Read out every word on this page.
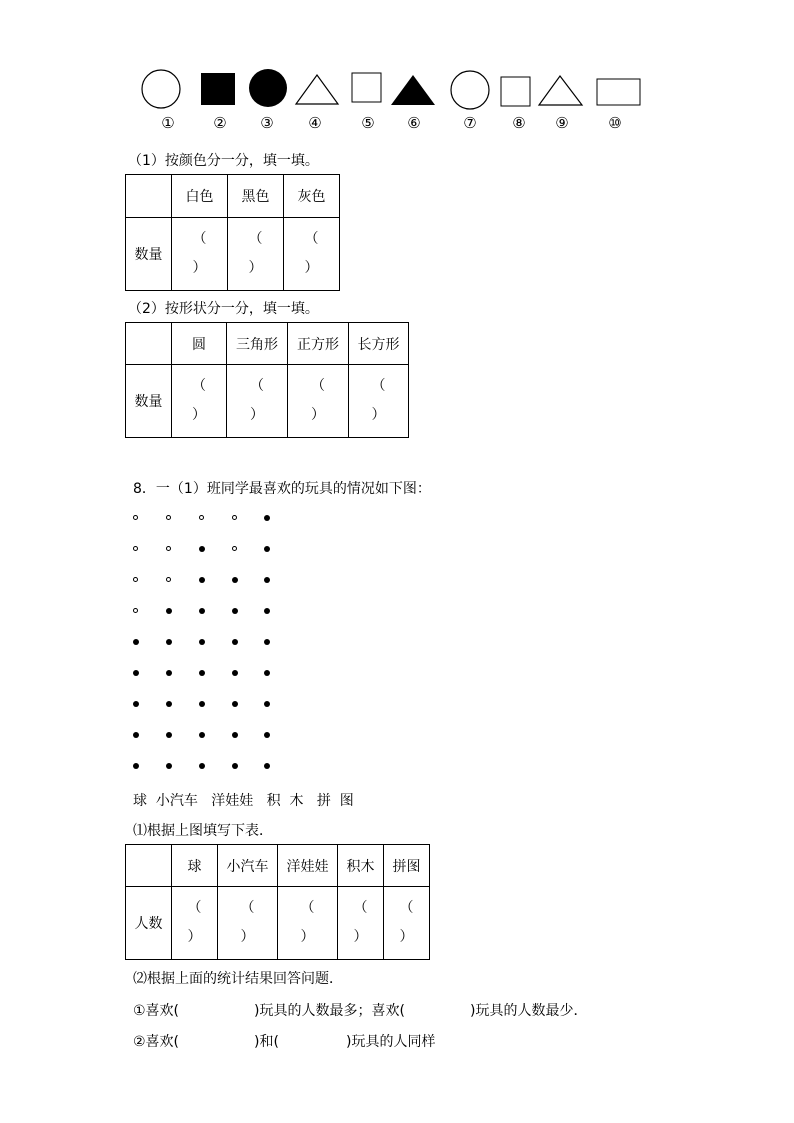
①	②	③	④	⑤	⑥	⑦	⑧	⑨	⑩
（1）按颜色分一分，填一填。
	白色	黑色	灰色
数量	（
）	（
）	（
）
（2）按形状分一分，填一填。
	圆	三角形	正方形	长方形
数量	（
）	（
）	（
）	（
）
8．一（1）班同学最喜欢的玩具的情况如下图：
球  小汽车   洋娃娃   积  木   拼  图
⑴根据上图填写下表．
	球	小汽车	洋娃娃	积木	拼图
人数	（
）	（
）	（
）	（
）	（
）
⑵根据上面的统计结果回答问题．
①喜欢(	)玩具的人数最多；喜欢(	)玩具的人数最少．
②喜欢(	)和(	)玩具的人同样
